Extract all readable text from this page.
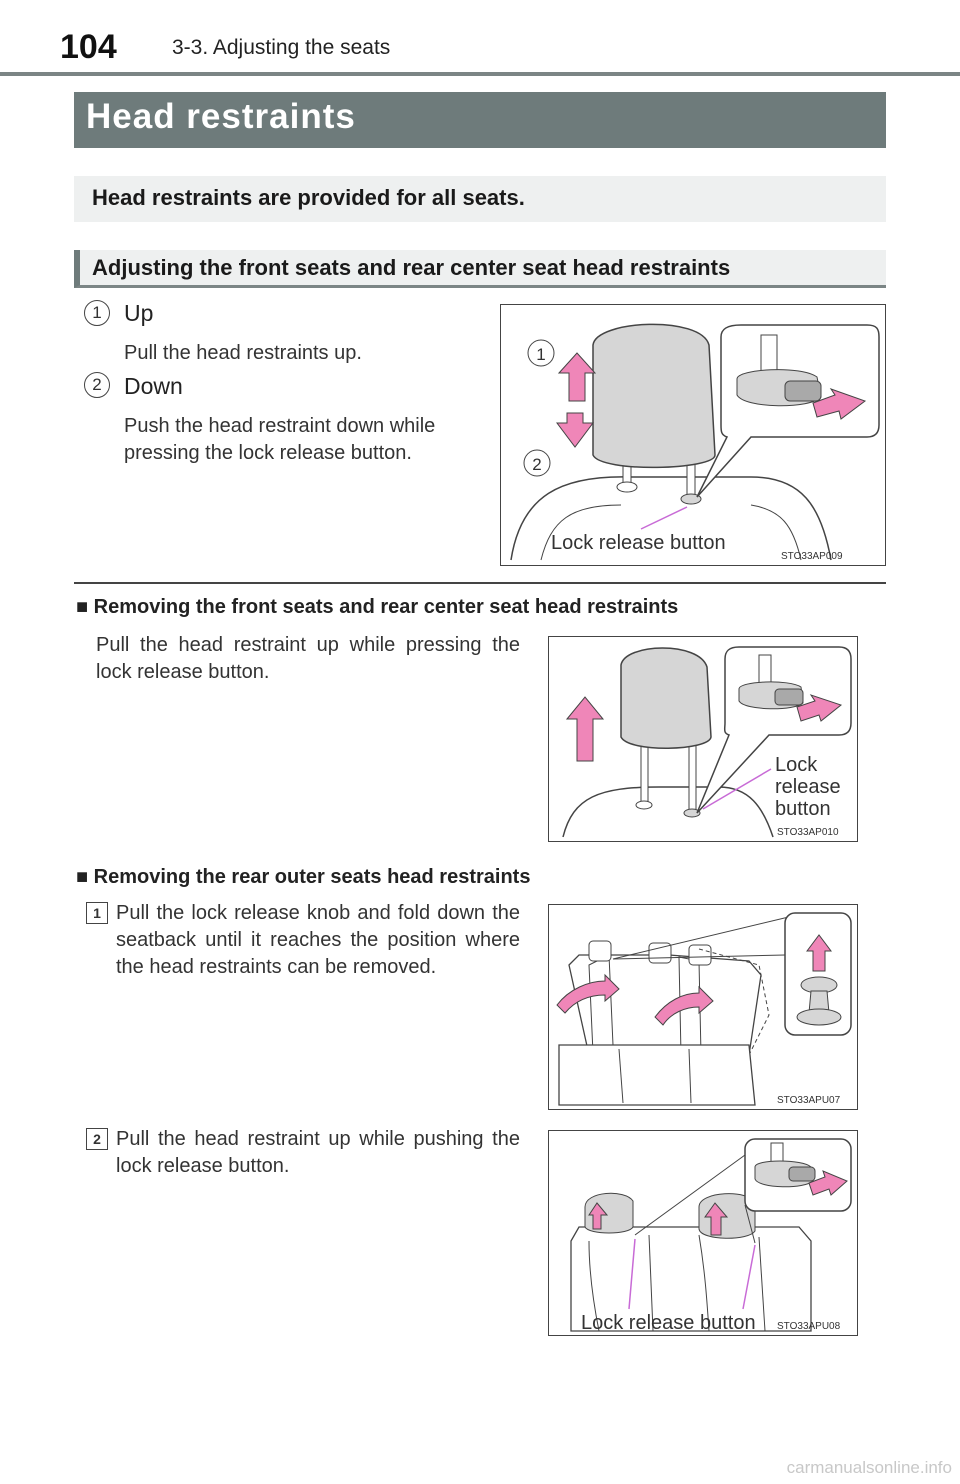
104	3-3. Adjusting the seats
Head restraints
Head restraints are provided for all seats.
Adjusting the front seats and rear center seat head restraints
1 Up
Pull the head restraints up.
2 Down
Push the head restraint down while
pressing the lock release button.
1
2
Lock release button
STO33AP009
■ Removing the front seats and rear center seat head restraints
Pull the head restraint up while pressing the lock release button.
Lock
release
button
STO33AP010
■ Removing the rear outer seats head restraints
1 Pull the lock release knob and fold down the seatback until it reaches the position where the head restraints can be removed.
STO33APU07
2 Pull the head restraint up while pushing the lock release button.
Lock release button STO33APU08
carmanualsonline.info
